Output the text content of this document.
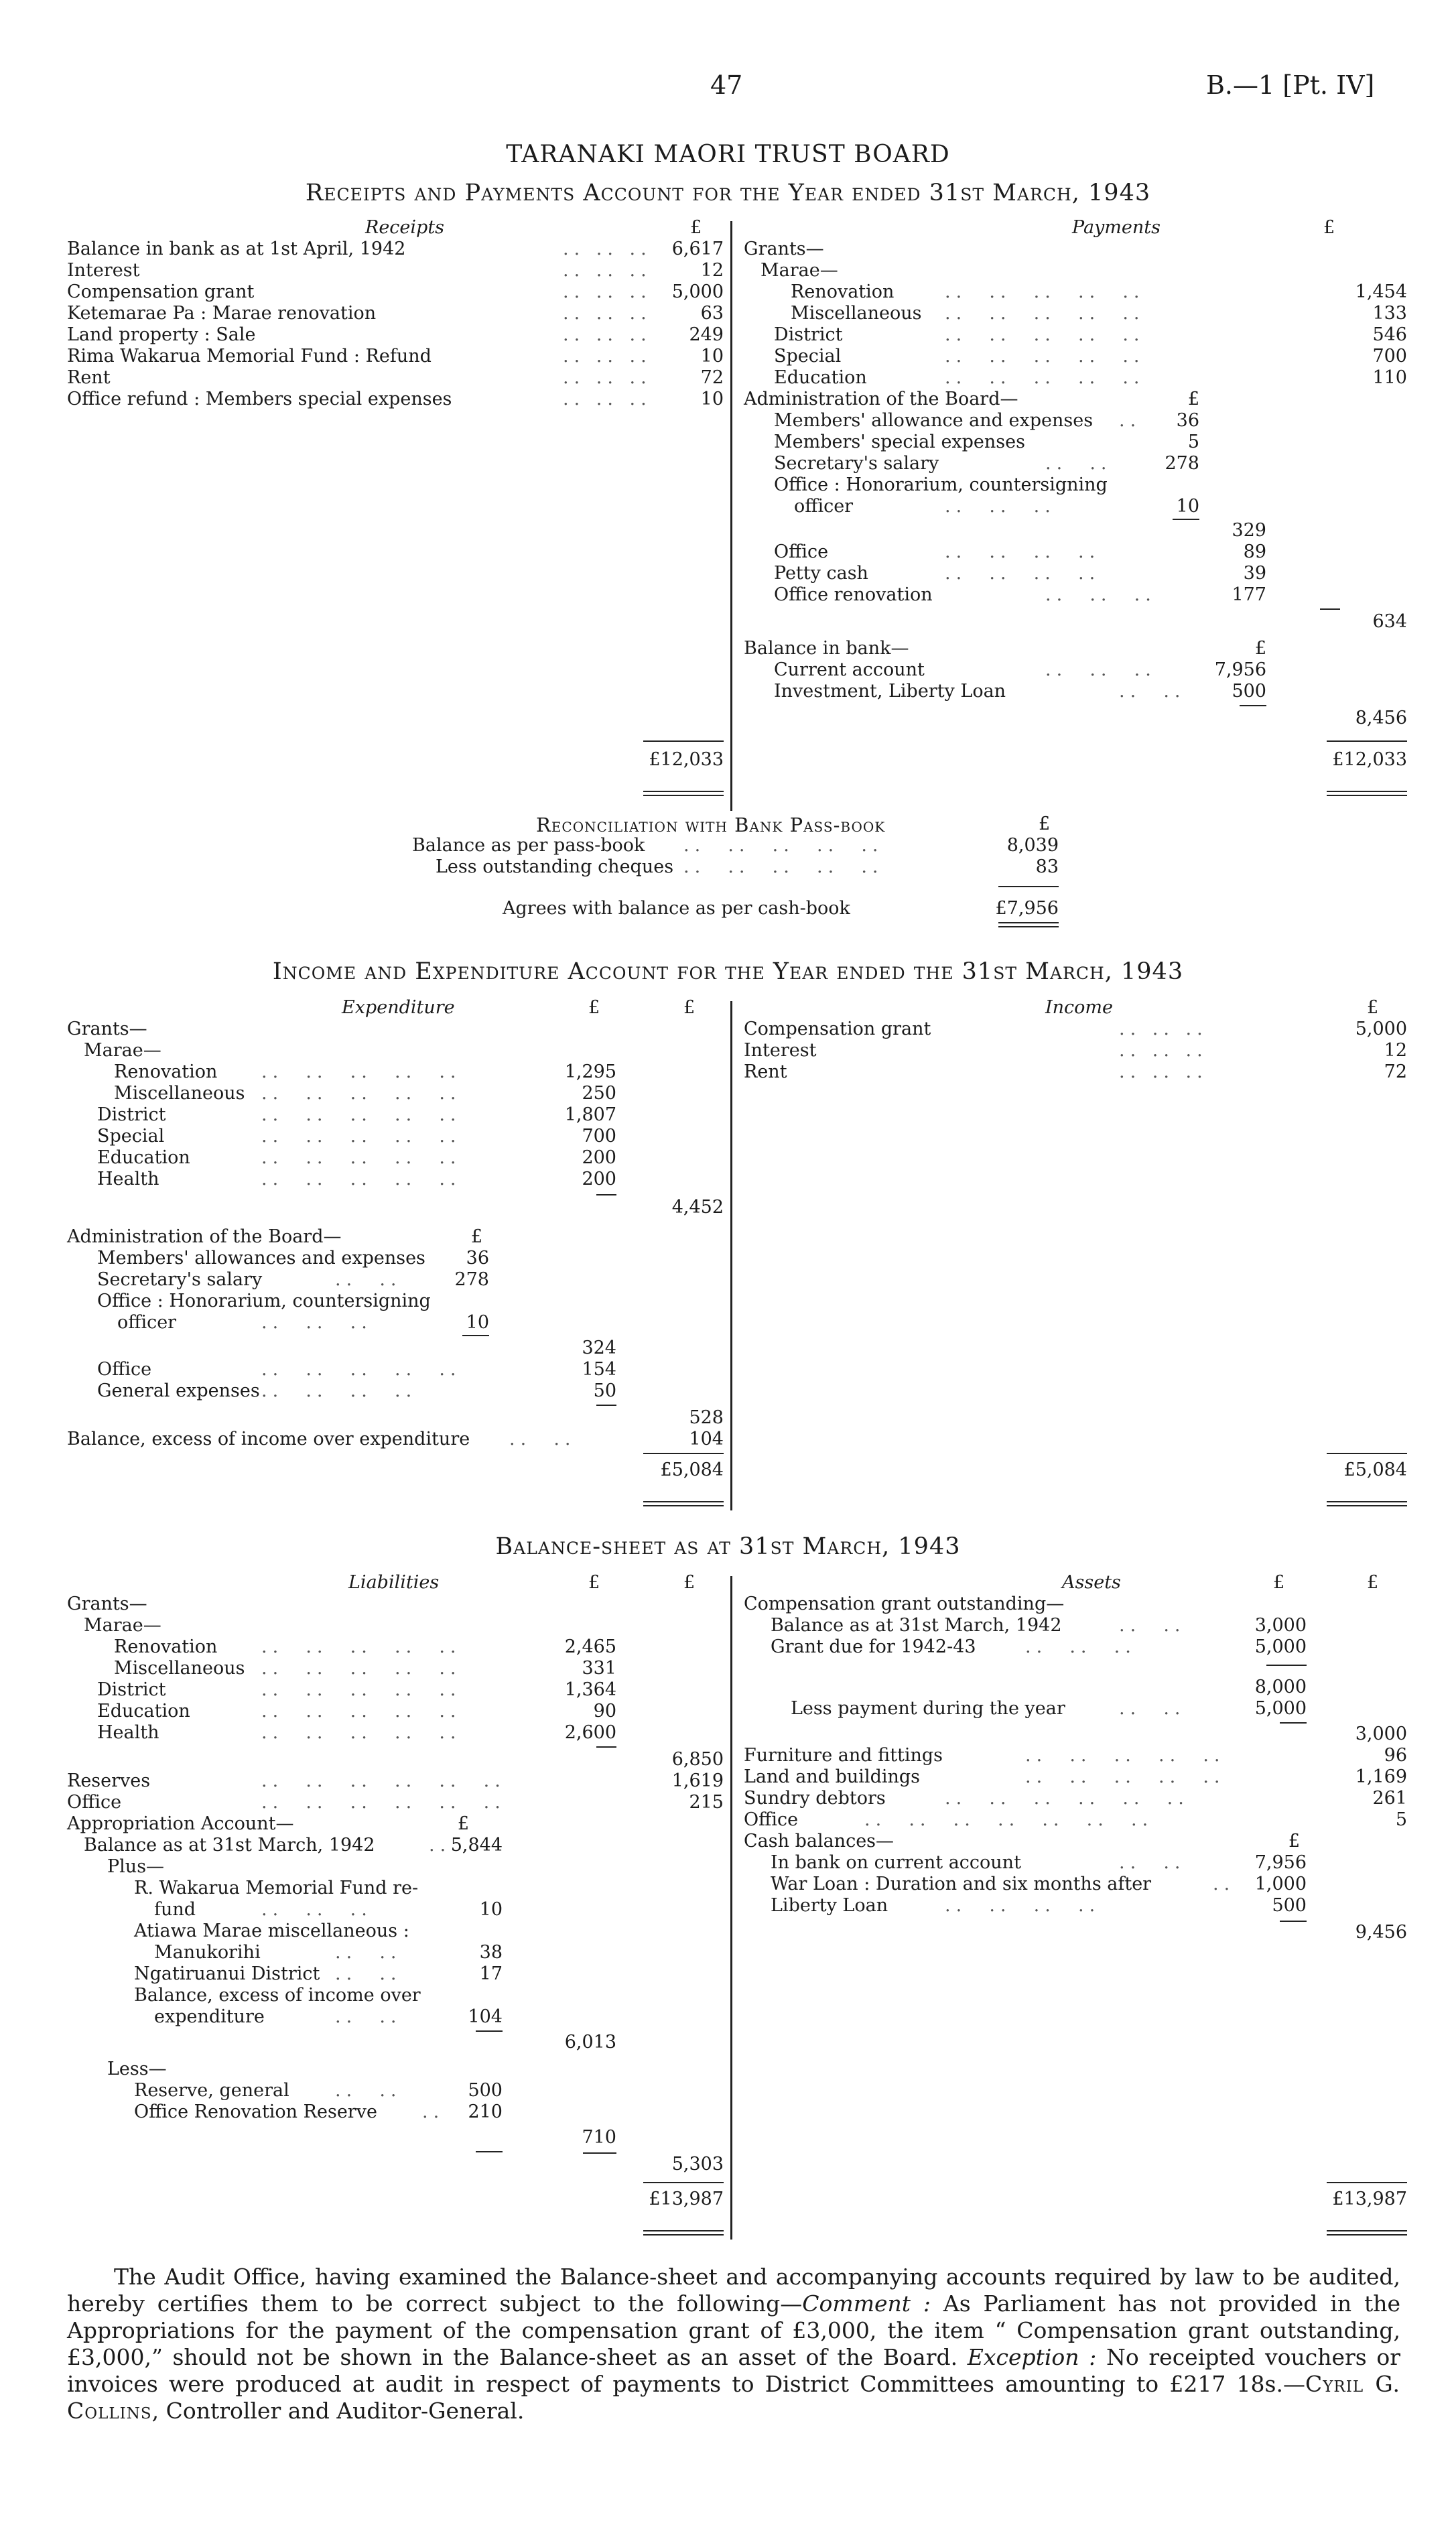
47	B.—1 [Pt. IV]
TARANAKI MAORI TRUST BOARD
Receipts and Payments Account for the Year ended 31st March, 1943
Receipts	£	Payments	£
Balance in bank as at 1st April, 1942	.. .. ..	6,617
Interest	.. .. ..	12
Compensation grant	.. .. ..	5,000
Ketemarae Pa : Marae renovation	.. .. ..	63
Land property : Sale	.. .. ..	249
Rima Wakarua Memorial Fund : Refund	.. .. ..	10
Rent	.. .. ..	72
Office refund : Members special expenses	.. .. ..	10
£12,033
Grants—
Marae—
Renovation	..  ..  ..  ..  ..	1,454
Miscellaneous ..  ..  ..  ..  ..	133
District	..  ..  ..  ..  ..	546
Special	..  ..  ..  ..  ..	700
Education	..  ..  ..  ..  ..	110
Administration of the Board—	£
Members' allowance and expenses ..	36
Members' special expenses	5
Secretary's salary	..  ..	278
Office : Honorarium, countersigning
officer	..  ..  ..	10
329
Office	..  ..  ..  ..	89
Petty cash	..  ..  ..  ..	39
Office renovation	..  ..  ..	177
634
Balance in bank—	£
Current account	..  ..  ..	7,956
Investment, Liberty Loan	..  ..	500
8,456
£12,033
Reconciliation with Bank Pass-book	£
Balance as per pass-book ..  ..  ..  ..  ..	8,039
Less outstanding cheques ..  ..  ..  ..  ..	83
Agrees with balance as per cash-book	£7,956
Income and Expenditure Account for the Year ended the 31st March, 1943
Expenditure	£	£	Income	£
Grants—
Marae—
Renovation ..  ..  ..  ..  ..	1,295
Miscellaneous ..  ..  ..  ..  ..	250
District	..  ..  ..  ..  ..	1,807
Special	..  ..  ..  ..  ..	700
Education	..  ..  ..  ..  ..	200
Health	..  ..  ..  ..  ..	200
4,452
Administration of the Board—	£
Members' allowances and expenses	36
Secretary's salary	..  ..	278
Office : Honorarium, countersigning
officer	..  ..  ..	10
324
Office	..  ..  ..  ..  ..	154
General expenses ..  ..  ..  ..	50
528
Balance, excess of income over expenditure ..  ..	104
£5,084
Compensation grant	.. .. ..	5,000
Interest	.. .. ..	12
Rent	.. .. ..	72
£5,084
Balance-sheet as at 31st March, 1943
Liabilities	£	£	Assets	£	£
Grants—
Marae—
Renovation ..  ..  ..  ..  ..	2,465
Miscellaneous ..  ..  ..  ..  ..	331
District	..  ..  ..  ..  ..	1,364
Education	..  ..  ..  ..  ..	90
Health	..  ..  ..  ..  ..	2,600
6,850
Reserves	..  ..  ..  ..  ..  ..	1,619
Office	..  ..  ..  ..  ..  ..	215
Appropriation Account—	£
Balance as at 31st March, 1942	.. 5,844
Plus—
R. Wakarua Memorial Fund re-
fund	..  ..  ..	10
Atiawa Marae miscellaneous :
Manukorihi	..  ..	38
Ngatiruanui District ..  ..	17
Balance, excess of income over
expenditure	..  ..	104
6,013
Less—
Reserve, general	..  ..	500
Office Renovation Reserve ..	210
710
5,303
£13,987
Compensation grant outstanding—
Balance as at 31st March, 1942	..  ..	3,000
Grant due for 1942-43	..  ..  ..	5,000
8,000
Less payment during the year	..  ..	5,000
3,000
Furniture and fittings	..  ..  ..  ..  ..	96
Land and buildings	..  ..  ..  ..  ..	1,169
Sundry debtors	..  ..  ..  ..  ..  ..	261
Office	..  ..  ..  ..  ..  ..  ..	5
Cash balances—	£
In bank on current account	..  ..	7,956
War Loan : Duration and six months after	..	1,000
Liberty Loan	..  ..  ..  ..	500
9,456
£13,987
The Audit Office, having examined the Balance-sheet and accompanying accounts required by law to be audited, hereby certifies them to be correct subject to the following—Comment : As Parliament has not provided in the Appropriations for the payment of the compensation grant of £3,000, the item “ Compensation grant outstanding, £3,000,” should not be shown in the Balance-sheet as an asset of the Board. Exception : No receipted vouchers or invoices were produced at audit in respect of payments to District Committees amounting to £217 18s.—Cyril G. Collins, Controller and Auditor-General.
